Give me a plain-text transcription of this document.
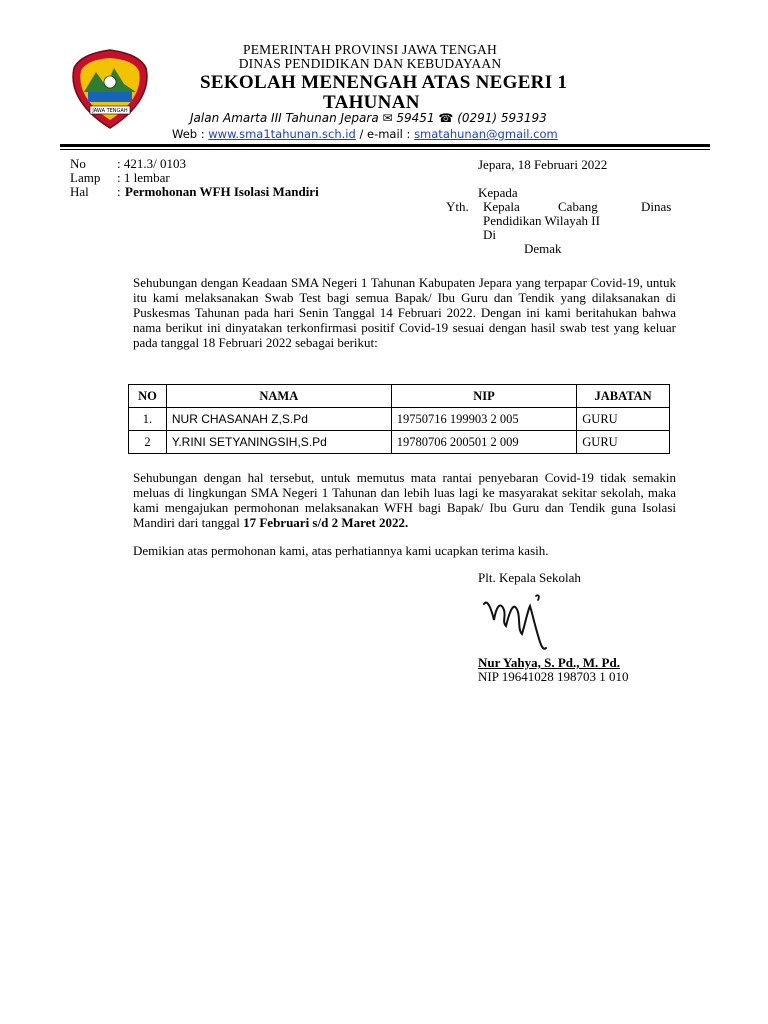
JAWA TENGAH
PEMERINTAH PROVINSI JAWA TENGAH
DINAS PENDIDIKAN DAN KEBUDAYAAN
SEKOLAH MENENGAH ATAS NEGERI 1
TAHUNAN
Jalan Amarta III Tahunan Jepara ✉ 59451 ☎ (0291) 593193
Web : www.sma1tahunan.sch.id / e-mail : smatahunan@gmail.com
No : 421.3/ 0103
Lamp : 1 lembar
Hal : Permohonan WFH Isolasi Mandiri
Jepara, 18 Februari 2022
Kepada
Yth. Kepala	Cabang	Dinas
Pendidikan Wilayah II
Di
Demak
Sehubungan dengan Keadaan SMA Negeri 1 Tahunan Kabupaten Jepara yang terpapar Covid-19, untuk itu kami melaksanakan Swab Test bagi semua Bapak/ Ibu Guru dan Tendik yang dilaksanakan di Puskesmas Tahunan pada hari Senin Tanggal 14 Februari 2022. Dengan ini kami beritahukan bahwa nama berikut ini dinyatakan terkonfirmasi positif Covid-19 sesuai dengan hasil swab test yang keluar pada tanggal 18 Februari 2022 sebagai berikut:
NO	NAMA	NIP	JABATAN
1.	NUR CHASANAH Z,S.Pd	19750716 199903 2 005	GURU
2	Y.RINI SETYANINGSIH,S.Pd	19780706 200501 2 009	GURU
Sehubungan dengan hal tersebut, untuk memutus mata rantai penyebaran Covid-19 tidak semakin meluas di lingkungan SMA Negeri 1 Tahunan dan lebih luas lagi ke masyarakat sekitar sekolah, maka kami mengajukan permohonan melaksanakan WFH bagi Bapak/ Ibu Guru dan Tendik guna Isolasi Mandiri dari tanggal 17 Februari s/d 2 Maret 2022.
Demikian atas permohonan kami, atas perhatiannya kami ucapkan terima kasih.
Plt. Kepala Sekolah
Nur Yahya, S. Pd., M. Pd.
NIP 19641028 198703 1 010
